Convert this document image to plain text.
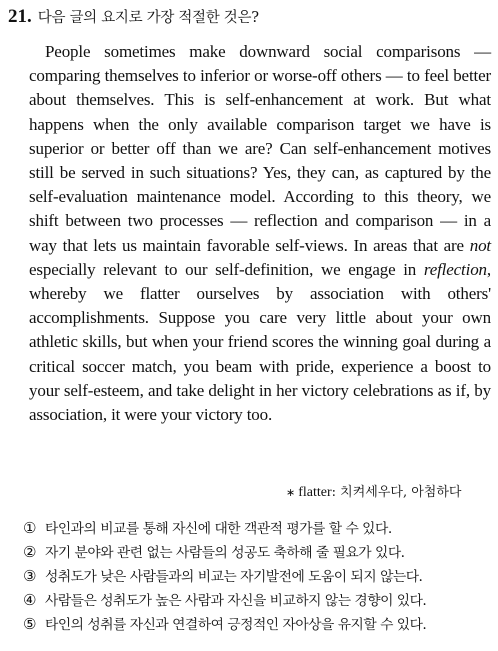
21. 다음 글의 요지로 가장 적절한 것은?

People sometimes make downward social comparisons — comparing themselves to inferior or worse-off others — to feel better about themselves. This is self-enhancement at work. But what happens when the only available comparison target we have is superior or better off than we are? Can self-enhancement motives still be served in such situations? Yes, they can, as captured by the self-evaluation maintenance model. According to this theory, we shift between two processes — reflection and comparison — in a way that lets us maintain favorable self-views. In areas that are not especially relevant to our self-definition, we engage in reflection, whereby we flatter ourselves by association with others' accomplishments. Suppose you care very little about your own athletic skills, but when your friend scores the winning goal during a critical soccer match, you beam with pride, experience a boost to your self-esteem, and take delight in her victory celebrations as if, by association, it were your victory too.

∗ flatter: 치켜세우다, 아첨하다
① 타인과의 비교를 통해 자신에 대한 객관적 평가를 할 수 있다.
② 자기 분야와 관련 없는 사람들의 성공도 축하해 줄 필요가 있다.
③ 성취도가 낮은 사람들과의 비교는 자기발전에 도움이 되지 않는다.
④ 사람들은 성취도가 높은 사람과 자신을 비교하지 않는 경향이 있다.
⑤ 타인의 성취를 자신과 연결하여 긍정적인 자아상을 유지할 수 있다.
